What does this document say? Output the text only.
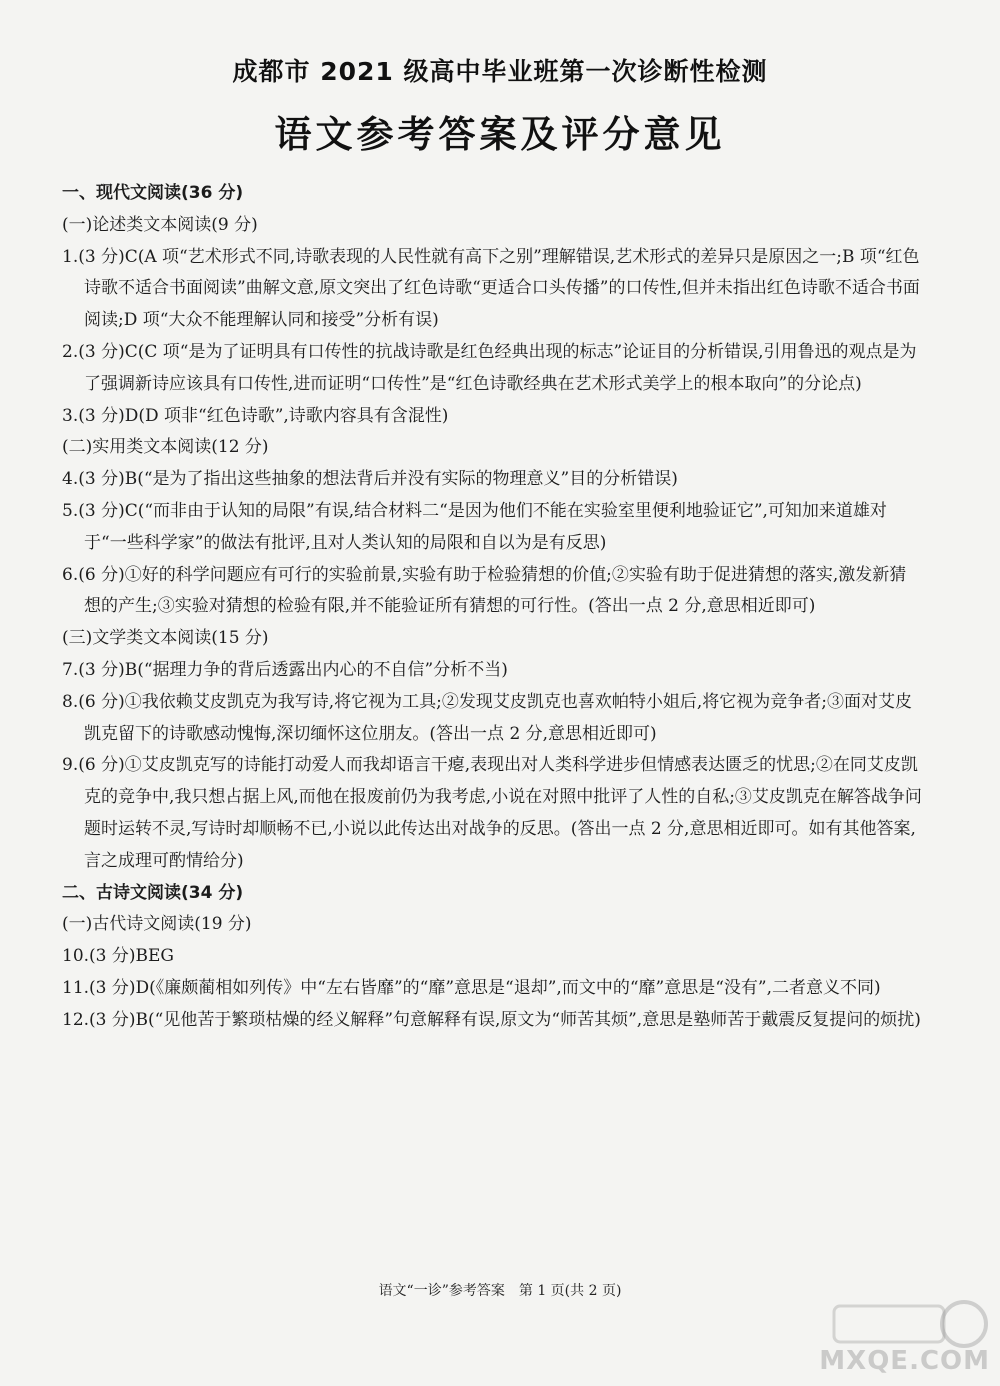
成都市 2021 级高中毕业班第一次诊断性检测
语文参考答案及评分意见
一、现代文阅读(36 分)
(一)论述类文本阅读(9 分)
1.(3 分)C(A 项“艺术形式不同,诗歌表现的人民性就有高下之别”理解错误,艺术形式的差异只是原因之一;B 项“红色诗歌不适合书面阅读”曲解文意,原文突出了红色诗歌“更适合口头传播”的口传性,但并未指出红色诗歌不适合书面阅读;D 项“大众不能理解认同和接受”分析有误)
2.(3 分)C(C 项“是为了证明具有口传性的抗战诗歌是红色经典出现的标志”论证目的分析错误,引用鲁迅的观点是为了强调新诗应该具有口传性,进而证明“口传性”是“红色诗歌经典在艺术形式美学上的根本取向”的分论点)
3.(3 分)D(D 项非“红色诗歌”,诗歌内容具有含混性)
(二)实用类文本阅读(12 分)
4.(3 分)B(“是为了指出这些抽象的想法背后并没有实际的物理意义”目的分析错误)
5.(3 分)C(“而非由于认知的局限”有误,结合材料二“是因为他们不能在实验室里便利地验证它”,可知加来道雄对于“一些科学家”的做法有批评,且对人类认知的局限和自以为是有反思)
6.(6 分)①好的科学问题应有可行的实验前景,实验有助于检验猜想的价值;②实验有助于促进猜想的落实,激发新猜想的产生;③实验对猜想的检验有限,并不能验证所有猜想的可行性。(答出一点 2 分,意思相近即可)
(三)文学类文本阅读(15 分)
7.(3 分)B(“据理力争的背后透露出内心的不自信”分析不当)
8.(6 分)①我依赖艾皮凯克为我写诗,将它视为工具;②发现艾皮凯克也喜欢帕特小姐后,将它视为竞争者;③面对艾皮凯克留下的诗歌感动愧悔,深切缅怀这位朋友。(答出一点 2 分,意思相近即可)
9.(6 分)①艾皮凯克写的诗能打动爱人而我却语言干瘪,表现出对人类科学进步但情感表达匮乏的忧思;②在同艾皮凯克的竞争中,我只想占据上风,而他在报废前仍为我考虑,小说在对照中批评了人性的自私;③艾皮凯克在解答战争问题时运转不灵,写诗时却顺畅不已,小说以此传达出对战争的反思。(答出一点 2 分,意思相近即可。如有其他答案,言之成理可酌情给分)
二、古诗文阅读(34 分)
(一)古代诗文阅读(19 分)
10.(3 分)BEG
11.(3 分)D(《廉颇蔺相如列传》中“左右皆靡”的“靡”意思是“退却”,而文中的“靡”意思是“没有”,二者意义不同)
12.(3 分)B(“见他苦于繁琐枯燥的经义解释”句意解释有误,原文为“师苦其烦”,意思是塾师苦于戴震反复提问的烦扰)
语文“一诊”参考答案　第 1 页(共 2 页)
MXQE.COM
